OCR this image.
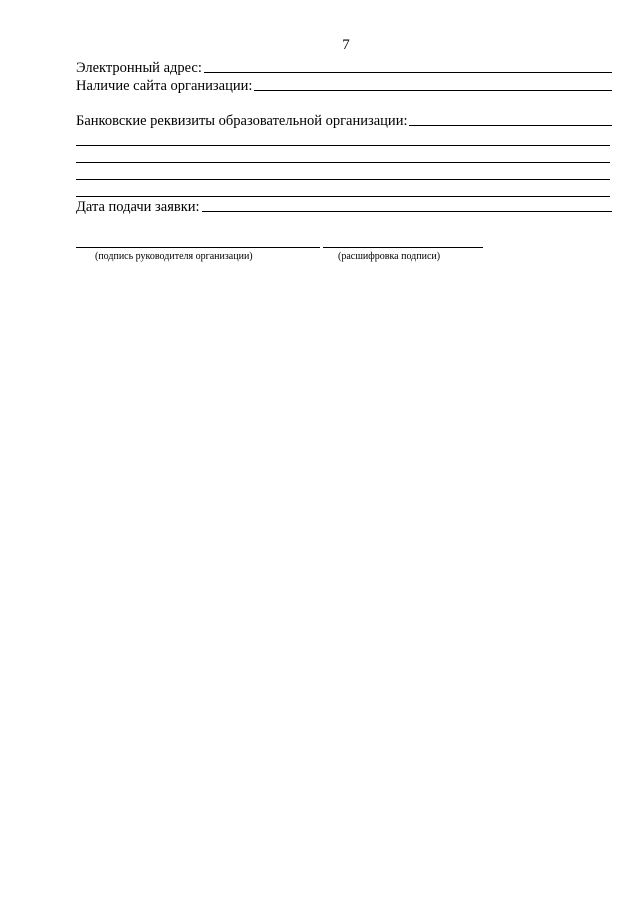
7
Электронный адрес:
Наличие сайта организации:
Банковские реквизиты образовательной организации:
Дата подачи заявки:
(подпись руководителя организации)	(расшифровка подписи)
